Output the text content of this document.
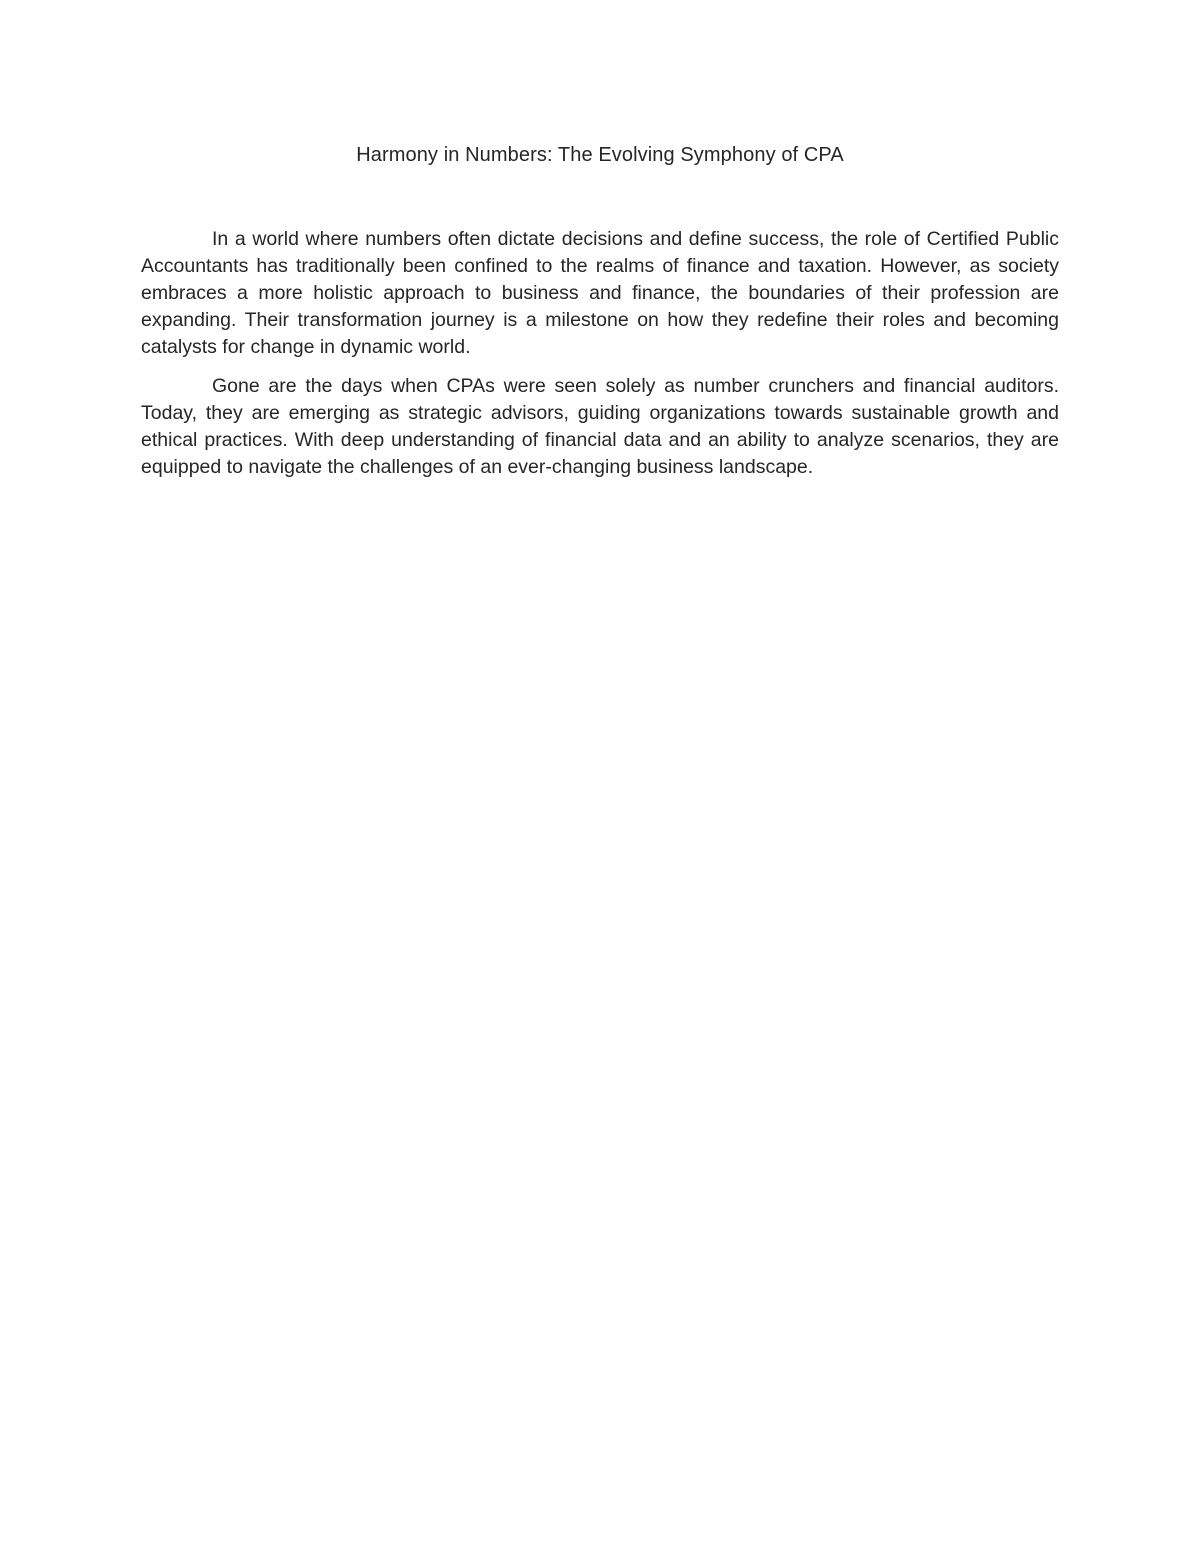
Harmony in Numbers: The Evolving Symphony of CPA

In a world where numbers often dictate decisions and define success, the role of Certified Public Accountants has traditionally been confined to the realms of finance and taxation. However, as society embraces a more holistic approach to business and finance, the boundaries of their profession are expanding. Their transformation journey is a milestone on how they redefine their roles and becoming catalysts for change in dynamic world.

Gone are the days when CPAs were seen solely as number crunchers and financial auditors. Today, they are emerging as strategic advisors, guiding organizations towards sustainable growth and ethical practices. With deep understanding of financial data and an ability to analyze scenarios, they are equipped to navigate the challenges of an ever-changing business landscape.
